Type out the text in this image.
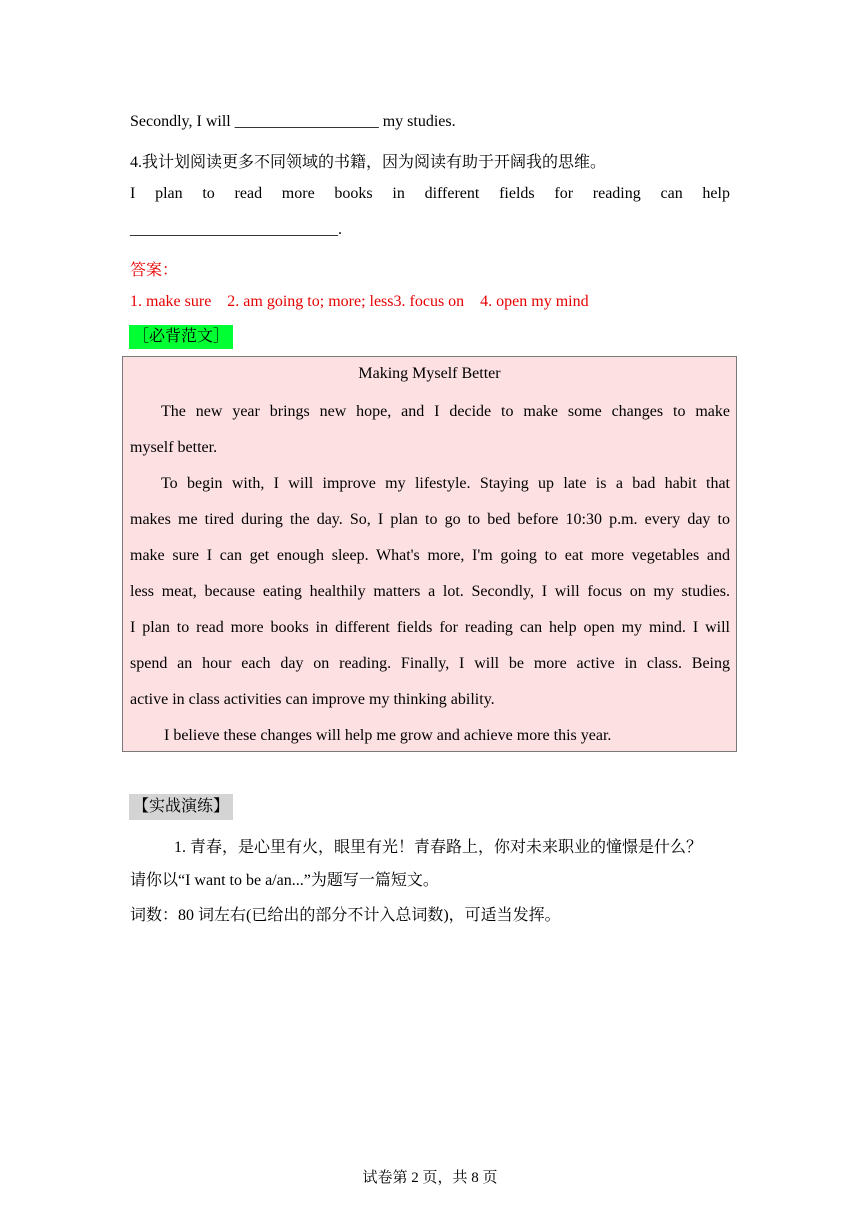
Secondly, I will __________________ my studies.
4.我计划阅读更多不同领域的书籍，因为阅读有助于开阔我的思维。
I plan to read more books in different fields for reading can help
__________________________.
答案：
1. make sure    2. am going to; more; less3. focus on    4. open my mind
［必背范文］
Making Myself Better
The new year brings new hope, and I decide to make some changes to make
myself better.
To begin with, I will improve my lifestyle. Staying up late is a bad habit that
makes me tired during the day. So, I plan to go to bed before 10:30 p.m. every day to
make sure I can get enough sleep. What's more, I'm going to eat more vegetables and
less meat, because eating healthily matters a lot. Secondly, I will focus on my studies.
I plan to read more books in different fields for reading can help open my mind. I will
spend an hour each day on reading. Finally, I will be more active in class. Being
active in class activities can improve my thinking ability.
I believe these changes will help me grow and achieve more this year.
【实战演练】
1. 青春，是心里有火，眼里有光！青春路上，你对未来职业的憧憬是什么？
请你以“I want to be a/an...”为题写一篇短文。
词数：80 词左右(已给出的部分不计入总词数)，可适当发挥。
试卷第 2 页，共 8 页
